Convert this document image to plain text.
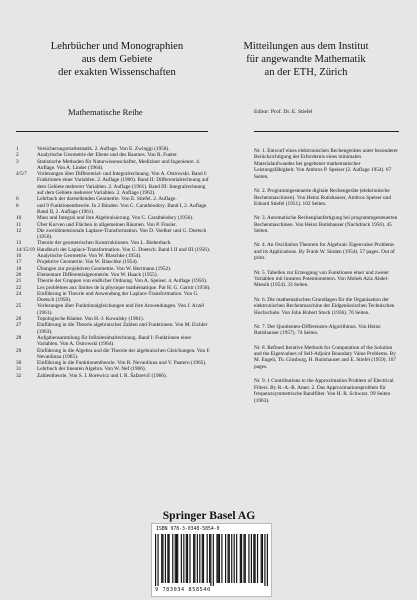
Lehrbücher und Monographien
aus dem Gebiete
der exakten Wissenschaften
Mitteilungen aus dem Institut
für angewandte Mathematik
an der ETH, Zürich
Mathematische Reihe	Editor: Prof. Dr. E. Stiefel
1	Versicherungsmathematik. 2. Auflage. Von E. Zwinggi (1958).
2	Analytische Geometrie der Ebene und des Raumes. Von R. Fueter.
3	Statistische Methoden für Naturwissenschafter, Mediziner und Ingenieure. 4. Auflage. Von A. Linder (1964).
4/5/7	Vorlesungen über Differential- und Integralrechnung. Von A. Ostrowski. Band I: Funktionen einer Variablen. 2. Auflage (1960). Band II: Differentialrechnung auf dem Gebiete mehrerer Variablen. 2. Auflage (1961). Band III: Integralrechnung auf dem Gebiete mehrerer Variablen. 2. Auflage (1962).
6	Lehrbuch der darstellenden Geometrie. Von E. Stiefel. 2. Auflage.
8	und 9 Funktionentheorie. In 2 Bänden. Von C. Carathéodory. Band I, 2. Auflage. Band II, 2. Auflage (1961).
10	Mass und Integral und ihre Algebraisierung. Von C. Carathéodory (1956).
11	Über Kurven und Flächen in allgemeinen Räumen. Von P. Finsler.
12	Die zweidimensionale Laplace-Transformation. Von D. Voelker und G. Doetsch (1950).
13	Theorie der geometrischen Konstruktionen. Von L. Bieberbach.
14/15/19 Handbuch der Laplace-Transformation. Von G. Doetsch. Band I II und III (1956).
16	Analytische Geometrie. Von W. Blaschke (1954).
17	Projektive Geometrie. Von W. Blaschke (1954).
18	Übungen zur projektiven Geometrie. Von W. Herrmann (1952).
20	Elementare Differentialgeometrie. Von W. Haack (1955).
21	Theorie der Gruppen von endlicher Ordnung. Von A. Speiser. 4. Auflage (1956).
22	Les problèmes aux limites de la physique mathématique. Par H. G. Garnir (1958).
24	Einführung in Theorie und Anwendung der Laplace-Transformation. Von G. Doetsch (1958).
25	Vorlesungen über Funktionalgleichungen und ihre Anwendungen. Von J. Aczél (1961).
26	Topologische Räume. Von H.-J. Kowalsky (1961).
27	Einführung in die Theorie algebraischer Zahlen und Funktionen. Von M. Eichler (1963).
28	Aufgabensammlung für Infinitesimalrechnung. Band I: Funktionen einer Variablen. Von A. Ostrowski (1964).
29	Einführung in die Algebra und die Theorie der algebraischen Gleichungen. Von F. Nevanlinna (1965).
30	Einführung in die Funktionentheorie. Von R. Nevanlinna und V. Paatero (1965).
31	Lehrbuch der linearen Algebra. Von W. Nef (1966).
32	Zahlentheorie. Von S. I. Borewicz und I. R. Šafarevič (1966).
Nr. 1. Entwurf eines elektronischen Rechengerätes unter besonderer Berücksichtigung der Erfordernis eines minimalen Materialaufwandes bei gegebener mathematischer Leistungsfähigkeit. Von Ambros P. Speiser (2. Auflage 1954). 67 Seiten.
Nr. 2. Programmgesteuerte digitale Rechengeräte (elektronische Rechenmaschinen). Von Heinz Rutishauser, Ambros Speiser und Eduard Stiefel (1951). 102 Seiten.
Nr. 3. Automatische Rechenplanfertigung bei programmgesteuerten Rechenmaschinen. Von Heinz Rutishauser (Nachdruck 1956). 45 Seiten.
Nr. 4. An Oscillation Theorem for Algebraic Eigenvalue Problems and its Applications. By Frank W. Sinden (1954). 57 pages. Out of print.
Nr. 5. Tabellen zur Erzeugung von Funktionen einer und zweier Variablen mit linearen Potentiometern. Von Moheb Aziz Abdel-Messih (1954). 33 Seiten.
Nr. 6. Die mathematischen Grundlagen für die Organisation der elektronischen Rechenmaschine der Eidgenössischen Technischen Hochschule. Von John Robert Stock (1936). 76 Seiten.
Nr. 7. Der Quotienten-Differenzen-Algorithmus. Von Heinz Rutishauser (1957). 74 Seiten.
Nr. 8. Refined Iterative Methods for Computation of the Solution and the Eigenvalues of Self-Adjoint Boundary Value Problems. By M. Engeli, Th. Ginsburg, H. Rutishauser and E. Stiefel (1959). 107 pages.
Nr. 9. 1 Contributions to the Approximation Problem of Electrical Filters. By R.-A.-R. Amer. 2. Das Approximationsproblem für frequenzsymmetrische Bandfilter. Von H. R. Schwarz. 99 Seiten (1963).
Springer Basel AG
ISBN 978-3-0348-5854-0
9 783034 858540
